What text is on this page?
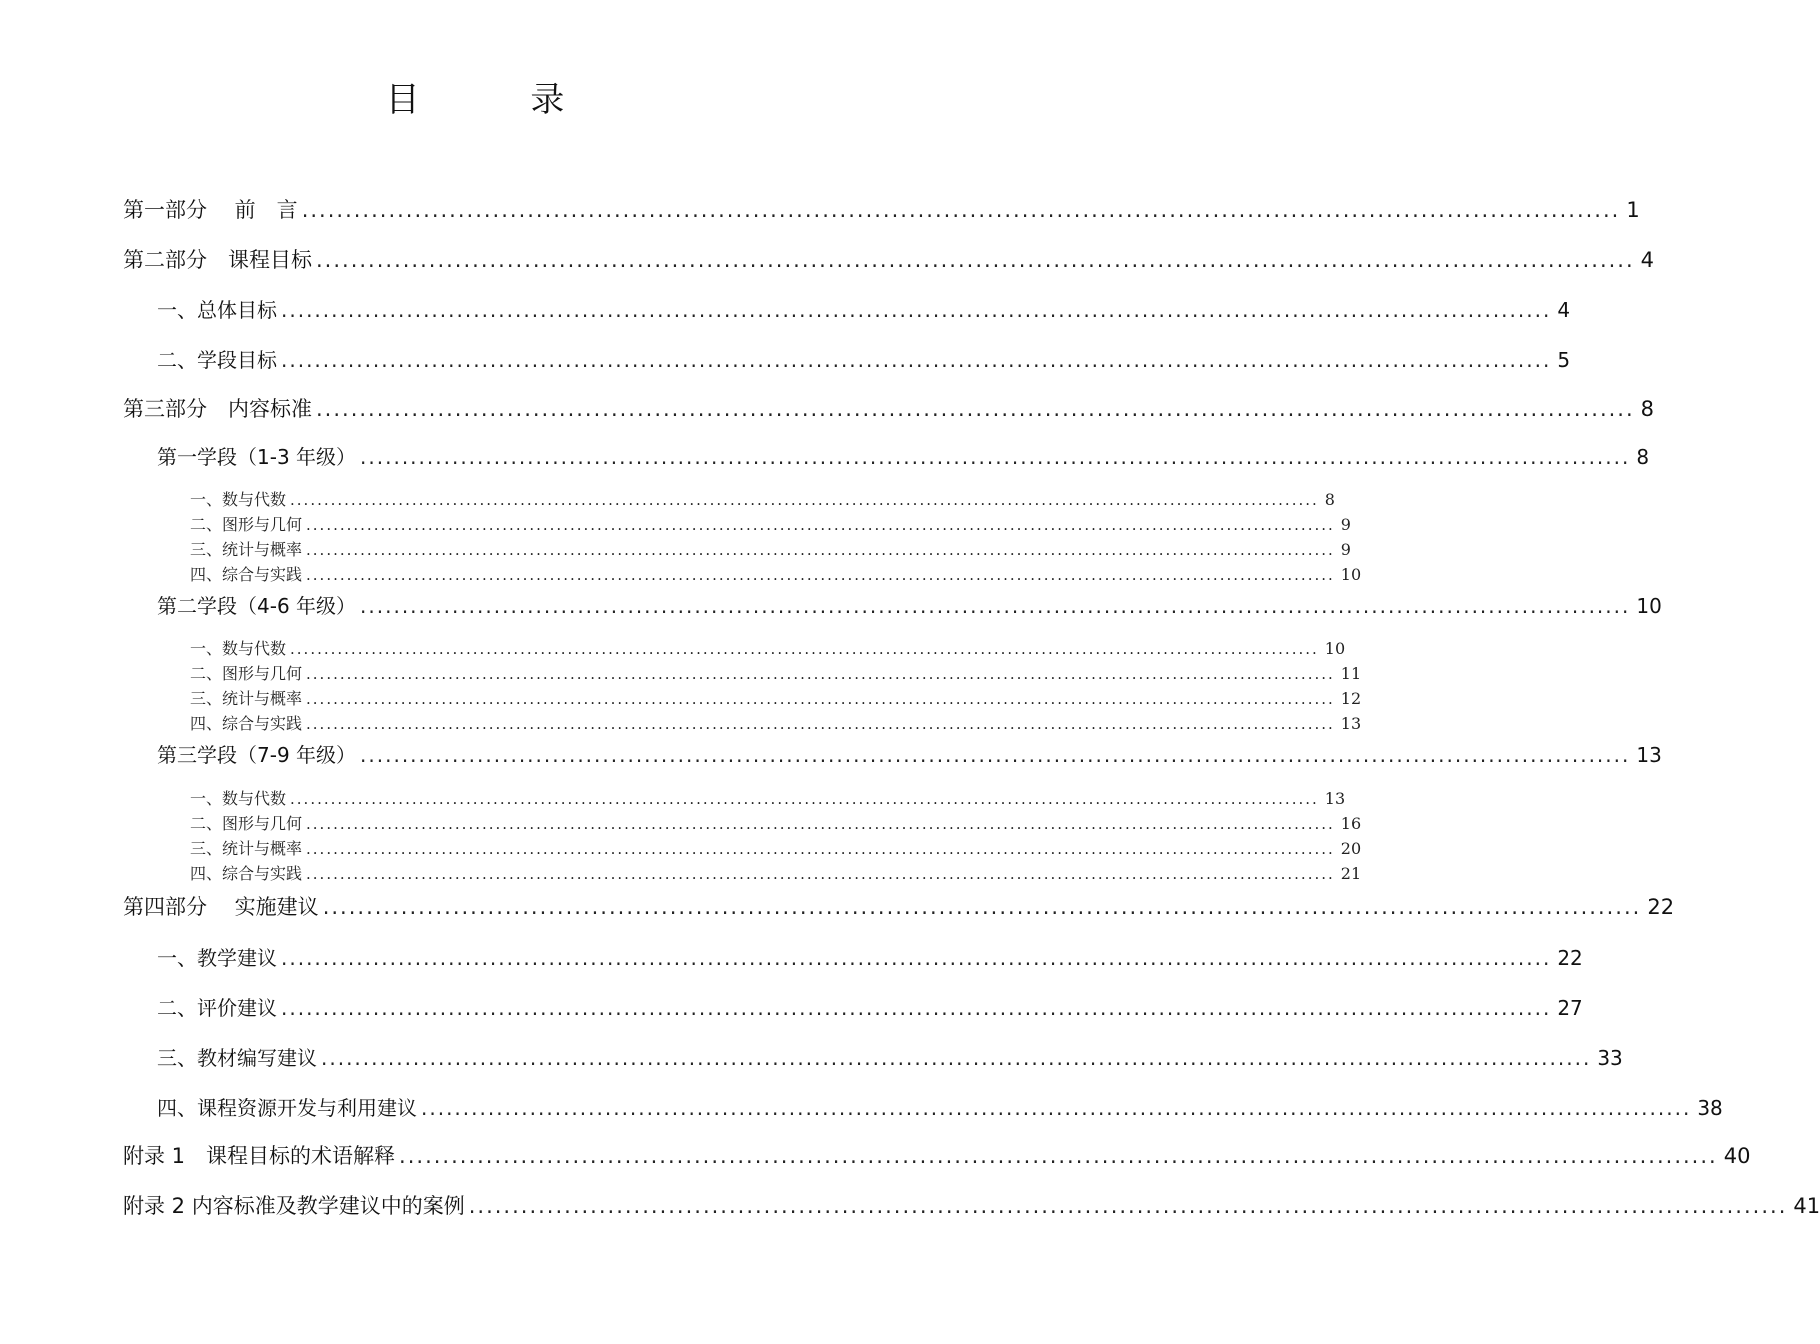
目 录
第一部分　 前　言 ........................................................................................................................................................ 1
第二部分　课程目标 ........................................................................................................................................................ 4
一、总体目标 ........................................................................................................................................................ 4
二、学段目标 ........................................................................................................................................................ 5
第三部分　内容标准 ........................................................................................................................................................ 8
第一学段（1-3 年级） ........................................................................................................................................................ 8
一、数与代数 ........................................................................................................................................................ 8
二、图形与几何 ........................................................................................................................................................ 9
三、统计与概率 ........................................................................................................................................................ 9
四、综合与实践 ........................................................................................................................................................ 10
第二学段（4-6 年级） ........................................................................................................................................................ 10
一、数与代数 ........................................................................................................................................................ 10
二、图形与几何 ........................................................................................................................................................ 11
三、统计与概率 ........................................................................................................................................................ 12
四、综合与实践 ........................................................................................................................................................ 13
第三学段（7-9 年级） ........................................................................................................................................................ 13
一、数与代数 ........................................................................................................................................................ 13
二、图形与几何 ........................................................................................................................................................ 16
三、统计与概率 ........................................................................................................................................................ 20
四、综合与实践 ........................................................................................................................................................ 21
第四部分　 实施建议 ........................................................................................................................................................ 22
一、教学建议 ........................................................................................................................................................ 22
二、评价建议 ........................................................................................................................................................ 27
三、教材编写建议 ........................................................................................................................................................ 33
四、课程资源开发与利用建议 ........................................................................................................................................................ 38
附录 1　课程目标的术语解释 ........................................................................................................................................................ 40
附录 2 内容标准及教学建议中的案例 ........................................................................................................................................................ 41
